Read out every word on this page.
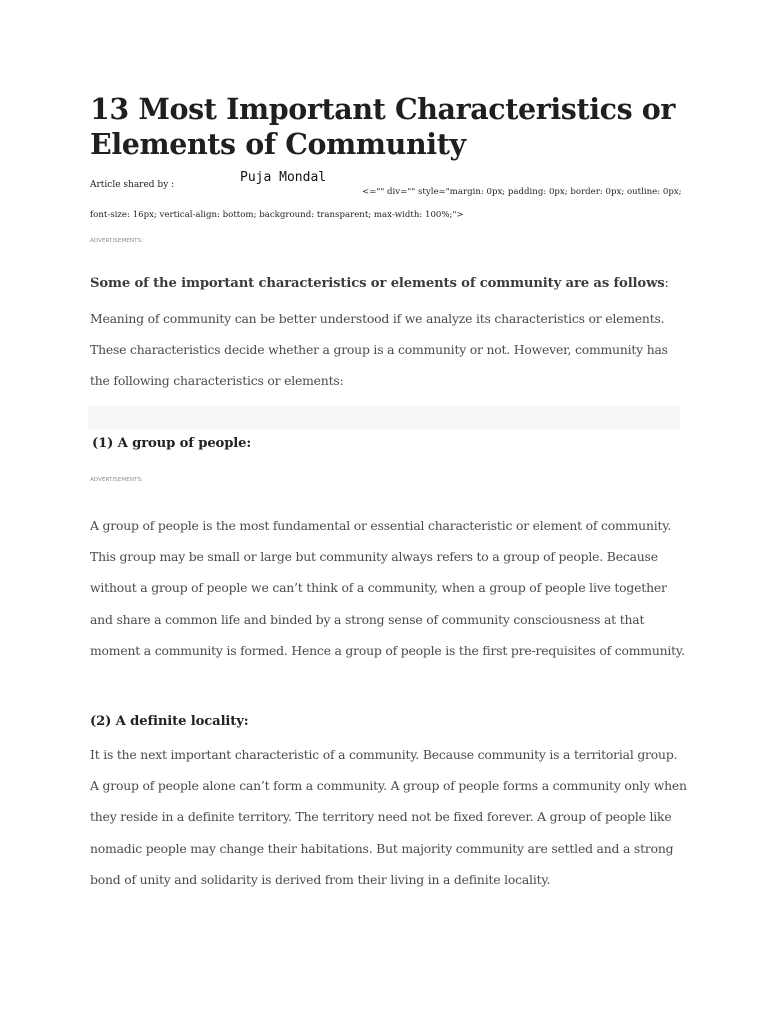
13 Most Important Characteristics or Elements of Community
Article shared by :	Puja Mondal

<="" div="" style="margin: 0px; padding: 0px; border: 0px; outline: 0px; font-size: 16px; vertical-align: bottom; background: transparent; max-width: 100%;">

ADVERTISEMENTS:

Some of the important characteristics or elements of community are as follows:

Meaning of community can be better understood if we analyze its characteristics or elements. These characteristics decide whether a group is a community or not. However, community has the following characteristics or elements:

(1) A group of people:
ADVERTISEMENTS:

A group of people is the most fundamental or essential characteristic or element of community. This group may be small or large but community always refers to a group of people. Because without a group of people we can’t think of a community, when a group of people live together and share a common life and binded by a strong sense of community consciousness at that moment a community is formed. Hence a group of people is the first pre-requisites of community.

(2) A definite locality:

It is the next important characteristic of a community. Because community is a territorial group. A group of people alone can’t form a community. A group of people forms a community only when they reside in a definite territory. The territory need not be fixed forever. A group of people like nomadic people may change their habitations. But majority community are settled and a strong bond of unity and solidarity is derived from their living in a definite locality.
